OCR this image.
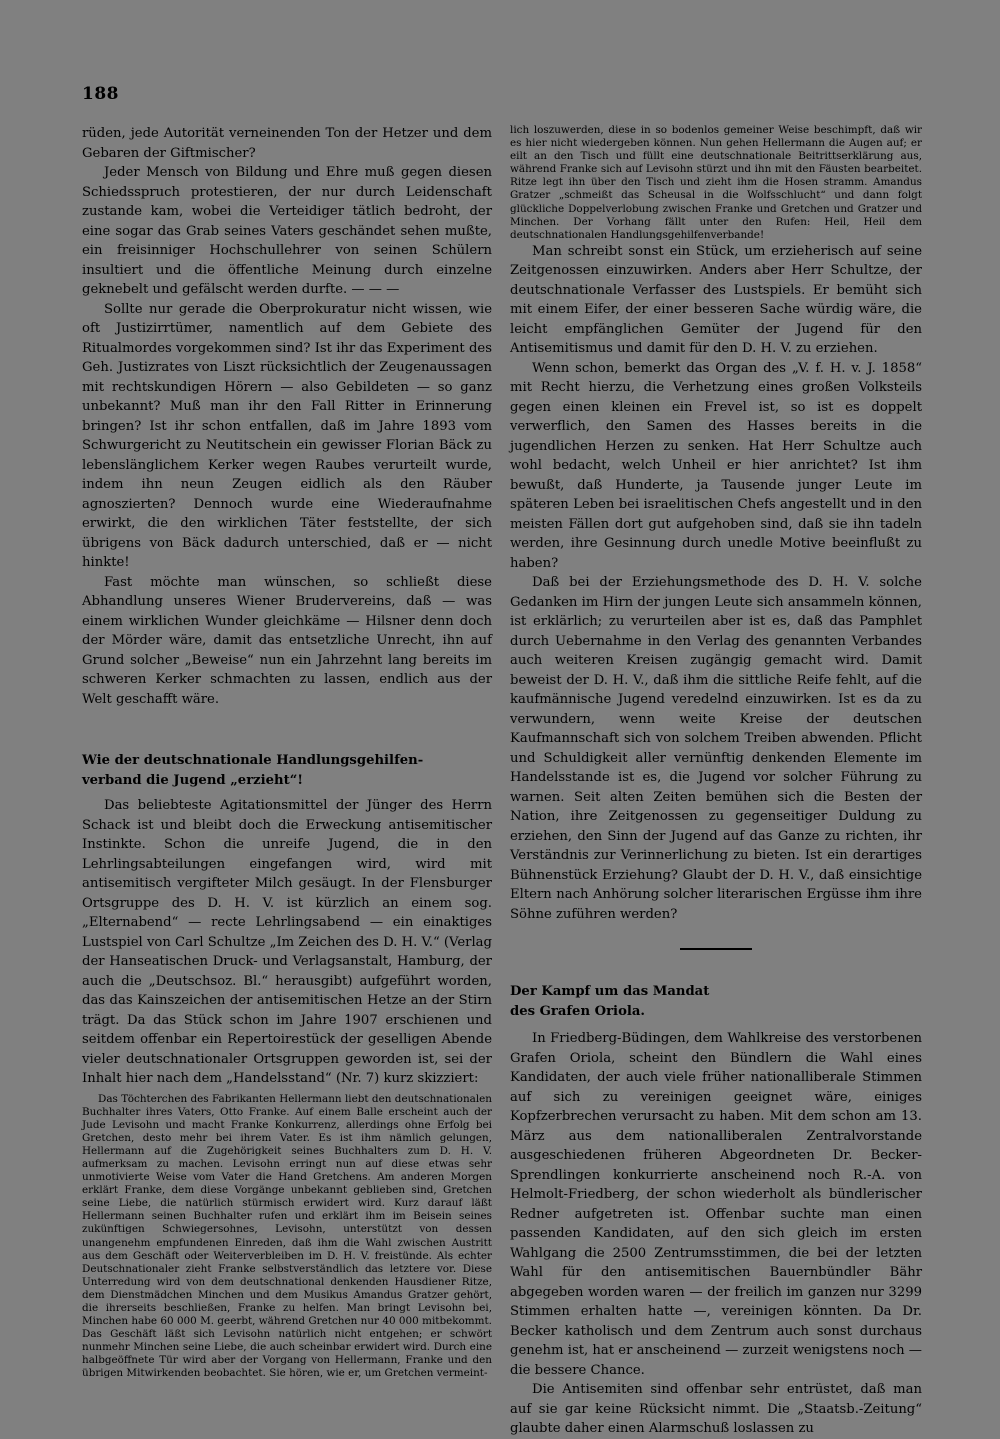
188

rüden, jede Autorität verneinenden Ton der Hetzer und dem Gebaren der Giftmischer?

Jeder Mensch von Bildung und Ehre muß gegen diesen Schiedsspruch protestieren, der nur durch Leidenschaft zustande kam, wobei die Verteidiger tätlich bedroht, der eine sogar das Grab seines Vaters geschändet sehen mußte, ein freisinniger Hochschullehrer von seinen Schülern insultiert und die öffentliche Meinung durch einzelne geknebelt und gefälscht werden durfte. — — —

Sollte nur gerade die Oberprokuratur nicht wissen, wie oft Justizirrtümer, namentlich auf dem Gebiete des Ritualmordes vorgekommen sind? Ist ihr das Experiment des Geh. Justizrates von Liszt rücksichtlich der Zeugenaussagen mit rechtskundigen Hörern — also Gebildeten — so ganz unbekannt? Muß man ihr den Fall Ritter in Erinnerung bringen? Ist ihr schon entfallen, daß im Jahre 1893 vom Schwurgericht zu Neutitschein ein gewisser Florian Bäck zu lebenslänglichem Kerker wegen Raubes verurteilt wurde, indem ihn neun Zeugen eidlich als den Räuber agnoszierten? Dennoch wurde eine Wiederaufnahme erwirkt, die den wirklichen Täter feststellte, der sich übrigens von Bäck dadurch unterschied, daß er — nicht hinkte!

Fast möchte man wünschen, so schließt diese Abhandlung unseres Wiener Brudervereins, daß — was einem wirklichen Wunder gleichkäme — Hilsner denn doch der Mörder wäre, damit das entsetzliche Unrecht, ihn auf Grund solcher „Beweise“ nun ein Jahrzehnt lang bereits im schweren Kerker schmachten zu lassen, endlich aus der Welt geschafft wäre.

Wie der deutschnationale Handlungsgehilfen-
verband die Jugend „erzieht“!

Das beliebteste Agitationsmittel der Jünger des Herrn Schack ist und bleibt doch die Erweckung antisemitischer Instinkte. Schon die unreife Jugend, die in den Lehrlingsabteilungen eingefangen wird, wird mit antisemitisch vergifteter Milch gesäugt. In der Flensburger Ortsgruppe des D. H. V. ist kürzlich an einem sog. „Elternabend“ — recte Lehrlingsabend — ein einaktiges Lustspiel von Carl Schultze „Im Zeichen des D. H. V.“ (Verlag der Hanseatischen Druck- und Verlagsanstalt, Hamburg, der auch die „Deutschsoz. Bl.“ herausgibt) aufgeführt worden, das das Kainszeichen der antisemitischen Hetze an der Stirn trägt. Da das Stück schon im Jahre 1907 erschienen und seitdem offenbar ein Repertoirestück der geselligen Abende vieler deutschnationaler Ortsgruppen geworden ist, sei der Inhalt hier nach dem „Handelsstand“ (Nr. 7) kurz skizziert:

Das Töchterchen des Fabrikanten Hellermann liebt den deutschnationalen Buchhalter ihres Vaters, Otto Franke. Auf einem Balle erscheint auch der Jude Levisohn und macht Franke Konkurrenz, allerdings ohne Erfolg bei Gretchen, desto mehr bei ihrem Vater. Es ist ihm nämlich gelungen, Hellermann auf die Zugehörigkeit seines Buchhalters zum D. H. V. aufmerksam zu machen. Levisohn erringt nun auf diese etwas sehr unmotivierte Weise vom Vater die Hand Gretchens. Am anderen Morgen erklärt Franke, dem diese Vorgänge unbekannt geblieben sind, Gretchen seine Liebe, die natürlich stürmisch erwidert wird. Kurz darauf läßt Hellermann seinen Buchhalter rufen und erklärt ihm im Beisein seines zukünftigen Schwiegersohnes, Levisohn, unterstützt von dessen unangenehm empfundenen Einreden, daß ihm die Wahl zwischen Austritt aus dem Geschäft oder Weiterverbleiben im D. H. V. freistünde. Als echter Deutschnationaler zieht Franke selbstverständlich das letztere vor. Diese Unterredung wird von dem deutschnational denkenden Hausdiener Ritze, dem Dienstmädchen Minchen und dem Musikus Amandus Gratzer gehört, die ihrerseits beschließen, Franke zu helfen. Man bringt Levisohn bei, Minchen habe 60 000 M. geerbt, während Gretchen nur 40 000 mitbekommt. Das Geschäft läßt sich Levisohn natürlich nicht entgehen; er schwört nunmehr Minchen seine Liebe, die auch scheinbar erwidert wird. Durch eine halbgeöffnete Tür wird aber der Vorgang von Hellermann, Franke und den übrigen Mitwirkenden beobachtet. Sie hören, wie er, um Gretchen vermeint-

lich loszuwerden, diese in so bodenlos gemeiner Weise beschimpft, daß wir es hier nicht wiedergeben können. Nun gehen Hellermann die Augen auf; er eilt an den Tisch und füllt eine deutschnationale Beitrittserklärung aus, während Franke sich auf Levisohn stürzt und ihn mit den Fäusten bearbeitet. Ritze legt ihn über den Tisch und zieht ihm die Hosen stramm. Amandus Gratzer „schmeißt das Scheusal in die Wolfsschlucht“ und dann folgt glückliche Doppelverlobung zwischen Franke und Gretchen und Gratzer und Minchen. Der Vorhang fällt unter den Rufen: Heil, Heil dem deutschnationalen Handlungsgehilfenverbande!

Man schreibt sonst ein Stück, um erzieherisch auf seine Zeitgenossen einzuwirken. Anders aber Herr Schultze, der deutschnationale Verfasser des Lustspiels. Er bemüht sich mit einem Eifer, der einer besseren Sache würdig wäre, die leicht empfänglichen Gemüter der Jugend für den Antisemitismus und damit für den D. H. V. zu erziehen.

Wenn schon, bemerkt das Organ des „V. f. H. v. J. 1858“ mit Recht hierzu, die Verhetzung eines großen Volksteils gegen einen kleinen ein Frevel ist, so ist es doppelt verwerflich, den Samen des Hasses bereits in die jugendlichen Herzen zu senken. Hat Herr Schultze auch wohl bedacht, welch Unheil er hier anrichtet? Ist ihm bewußt, daß Hunderte, ja Tausende junger Leute im späteren Leben bei israelitischen Chefs angestellt und in den meisten Fällen dort gut aufgehoben sind, daß sie ihn tadeln werden, ihre Gesinnung durch unedle Motive beeinflußt zu haben?

Daß bei der Erziehungsmethode des D. H. V. solche Gedanken im Hirn der jungen Leute sich ansammeln können, ist erklärlich; zu verurteilen aber ist es, daß das Pamphlet durch Uebernahme in den Verlag des genannten Verbandes auch weiteren Kreisen zugängig gemacht wird. Damit beweist der D. H. V., daß ihm die sittliche Reife fehlt, auf die kaufmännische Jugend veredelnd einzuwirken. Ist es da zu verwundern, wenn weite Kreise der deutschen Kaufmannschaft sich von solchem Treiben abwenden. Pflicht und Schuldigkeit aller vernünftig denkenden Elemente im Handelsstande ist es, die Jugend vor solcher Führung zu warnen. Seit alten Zeiten bemühen sich die Besten der Nation, ihre Zeitgenossen zu gegenseitiger Duldung zu erziehen, den Sinn der Jugend auf das Ganze zu richten, ihr Verständnis zur Verinnerlichung zu bieten. Ist ein derartiges Bühnenstück Erziehung? Glaubt der D. H. V., daß einsichtige Eltern nach Anhörung solcher literarischen Ergüsse ihm ihre Söhne zuführen werden?

Der Kampf um das Mandat
des Grafen Oriola.

In Friedberg-Büdingen, dem Wahlkreise des verstorbenen Grafen Oriola, scheint den Bündlern die Wahl eines Kandidaten, der auch viele früher nationalliberale Stimmen auf sich zu vereinigen geeignet wäre, einiges Kopfzerbrechen verursacht zu haben. Mit dem schon am 13. März aus dem nationalliberalen Zentralvorstande ausgeschiedenen früheren Abgeordneten Dr. Becker-Sprendlingen konkurrierte anscheinend noch R.-A. von Helmolt-Friedberg, der schon wiederholt als bündlerischer Redner aufgetreten ist. Offenbar suchte man einen passenden Kandidaten, auf den sich gleich im ersten Wahlgang die 2500 Zentrumsstimmen, die bei der letzten Wahl für den antisemitischen Bauernbündler Bähr abgegeben worden waren — der freilich im ganzen nur 3299 Stimmen erhalten hatte —, vereinigen könnten. Da Dr. Becker katholisch und dem Zentrum auch sonst durchaus genehm ist, hat er anscheinend — zurzeit wenigstens noch — die bessere Chance.

Die Antisemiten sind offenbar sehr entrüstet, daß man auf sie gar keine Rücksicht nimmt. Die „Staatsb.-Zeitung“ glaubte daher einen Alarmschuß loslassen zu
